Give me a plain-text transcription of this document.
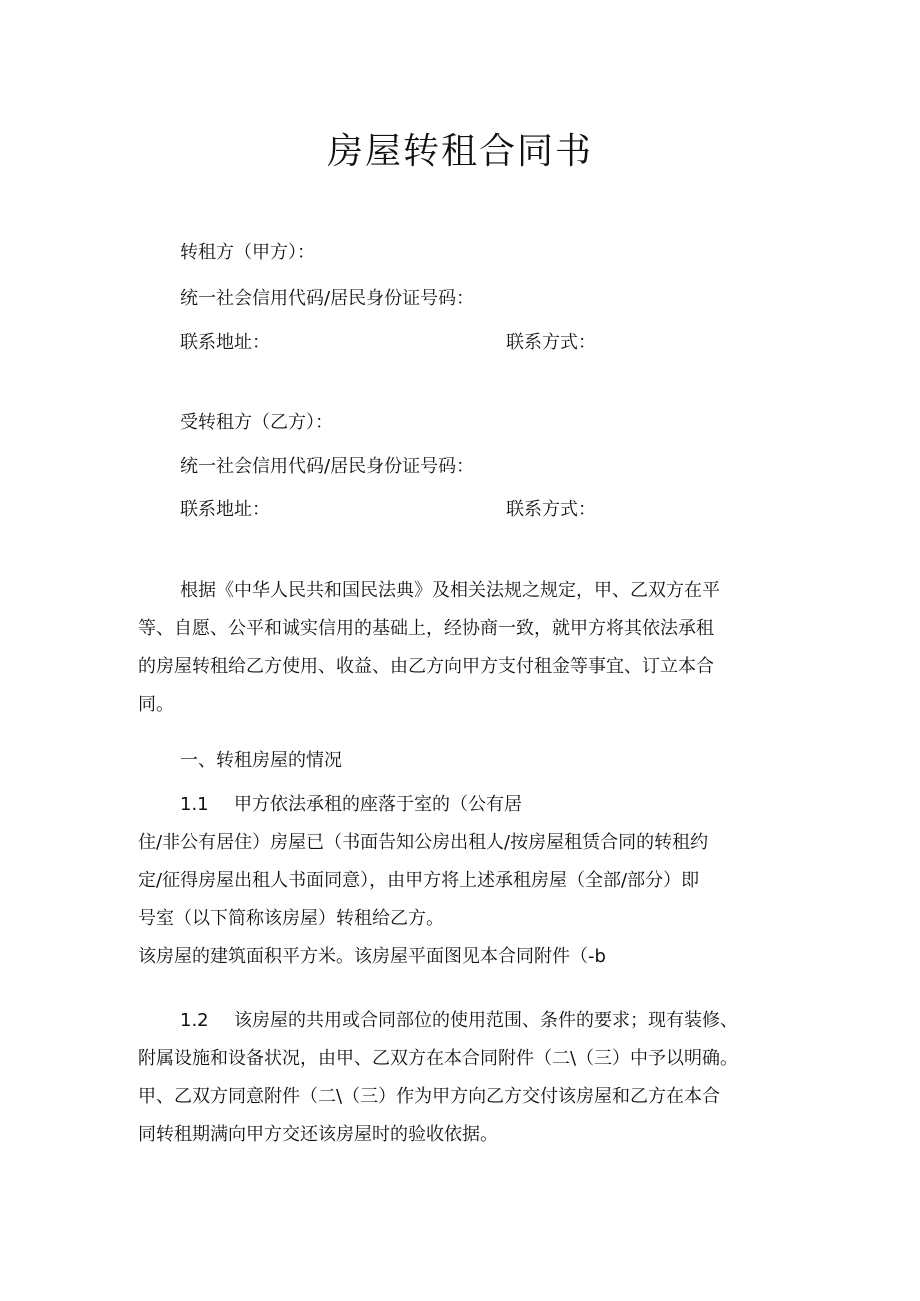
房屋转租合同书
转租方（甲方）：
统一社会信用代码/居民身份证号码：
联系地址：	联系方式：
受转租方（乙方）：
统一社会信用代码/居民身份证号码：
联系地址：	联系方式：
根据《中华人民共和国民法典》及相关法规之规定，甲、乙双方在平
等、自愿、公平和诚实信用的基础上，经协商一致，就甲方将其依法承租
的房屋转租给乙方使用、收益、由乙方向甲方支付租金等事宜、订立本合
同。
一、转租房屋的情况
1.1 甲方依法承租的座落于室的（公有居
住/非公有居住）房屋已（书面告知公房出租人/按房屋租赁合同的转租约
定/征得房屋出租人书面同意），由甲方将上述承租房屋（全部/部分）即
号室（以下简称该房屋）转租给乙方。
该房屋的建筑面积平方米。该房屋平面图见本合同附件（-b
1.2 该房屋的共用或合同部位的使用范围、条件的要求；现有装修、
附属设施和设备状况，由甲、乙双方在本合同附件（二\（三）中予以明确。
甲、乙双方同意附件（二\（三）作为甲方向乙方交付该房屋和乙方在本合
同转租期满向甲方交还该房屋时的验收依据。
